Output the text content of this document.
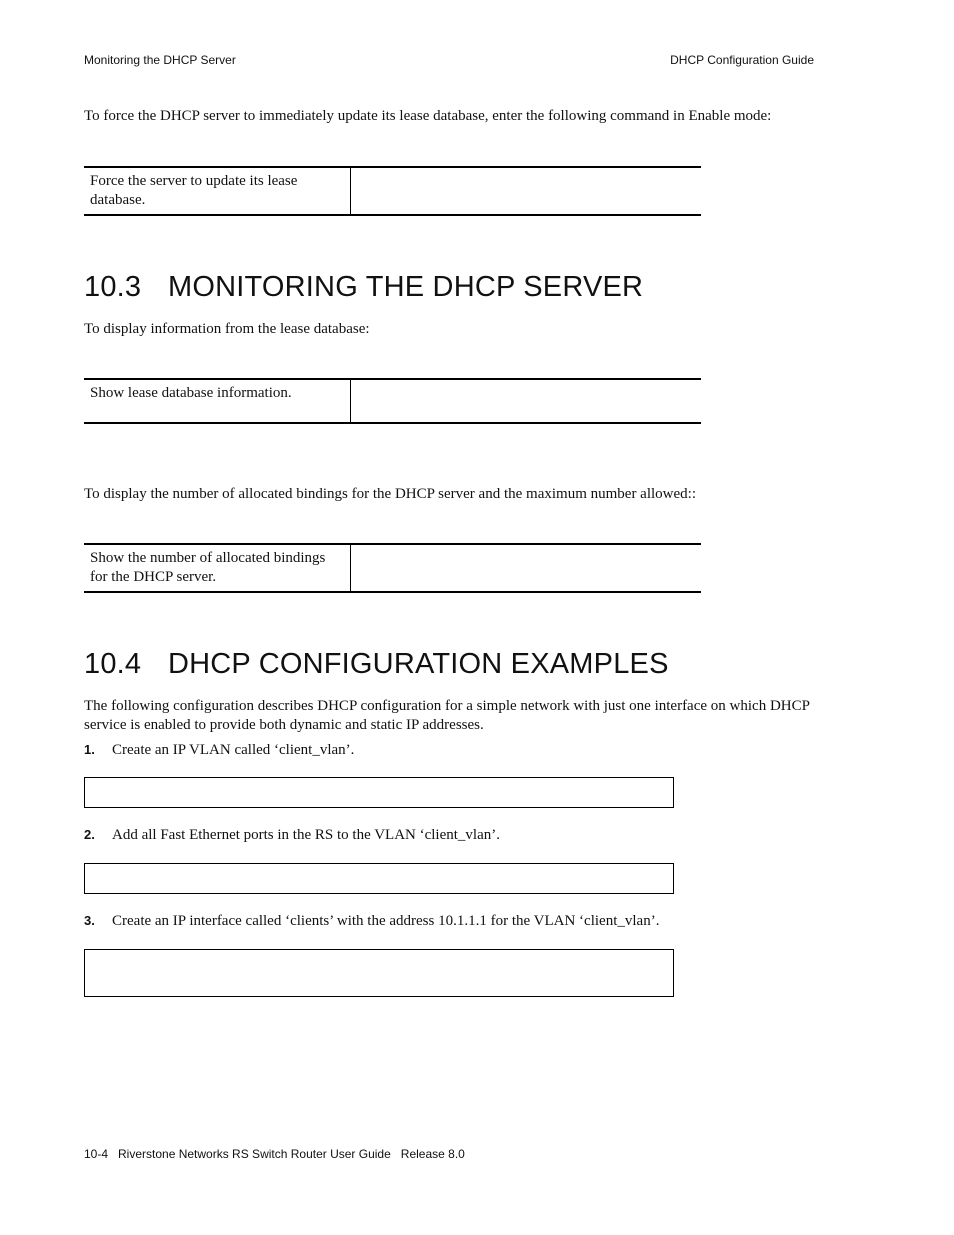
Monitoring the DHCP Server	DHCP Configuration Guide
To force the DHCP server to immediately update its lease database, enter the following command in Enable mode:
Force the server to update its lease database.	
10.3 MONITORING THE DHCP SERVER
To display information from the lease database:
Show lease database information.	
To display the number of allocated bindings for the DHCP server and the maximum number allowed::
Show the number of allocated bindings for the DHCP server.	
10.4 DHCP CONFIGURATION EXAMPLES
The following configuration describes DHCP configuration for a simple network with just one interface on which DHCP service is enabled to provide both dynamic and static IP addresses.
1. Create an IP VLAN called ‘client_vlan’.
2. Add all Fast Ethernet ports in the RS to the VLAN ‘client_vlan’.
3. Create an IP interface called ‘clients’ with the address 10.1.1.1 for the VLAN ‘client_vlan’.
10-4   Riverstone Networks RS Switch Router User Guide   Release 8.0
